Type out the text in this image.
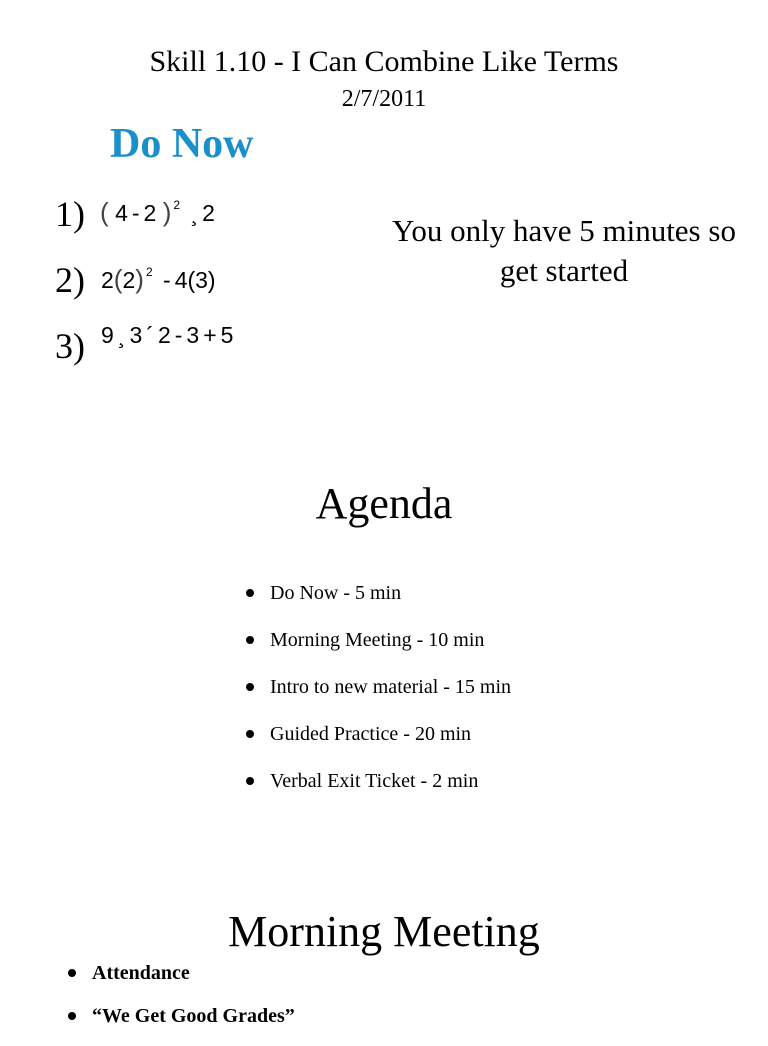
Skill 1.10 - I Can Combine Like Terms
2/7/2011
Do Now
1) ( 4 - 2 ) $^2$ ¸ 2
2) 2(2) $^2$ - 4(3)
3) 9 ¸ 3 ´ 2 - 3 + 5
You only have 5 minutes so get started
Agenda
Do Now - 5 min
Morning Meeting - 10 min
Intro to new material - 15 min
Guided Practice - 20 min
Verbal Exit Ticket - 2 min
Morning Meeting
Attendance
“We Get Good Grades”
